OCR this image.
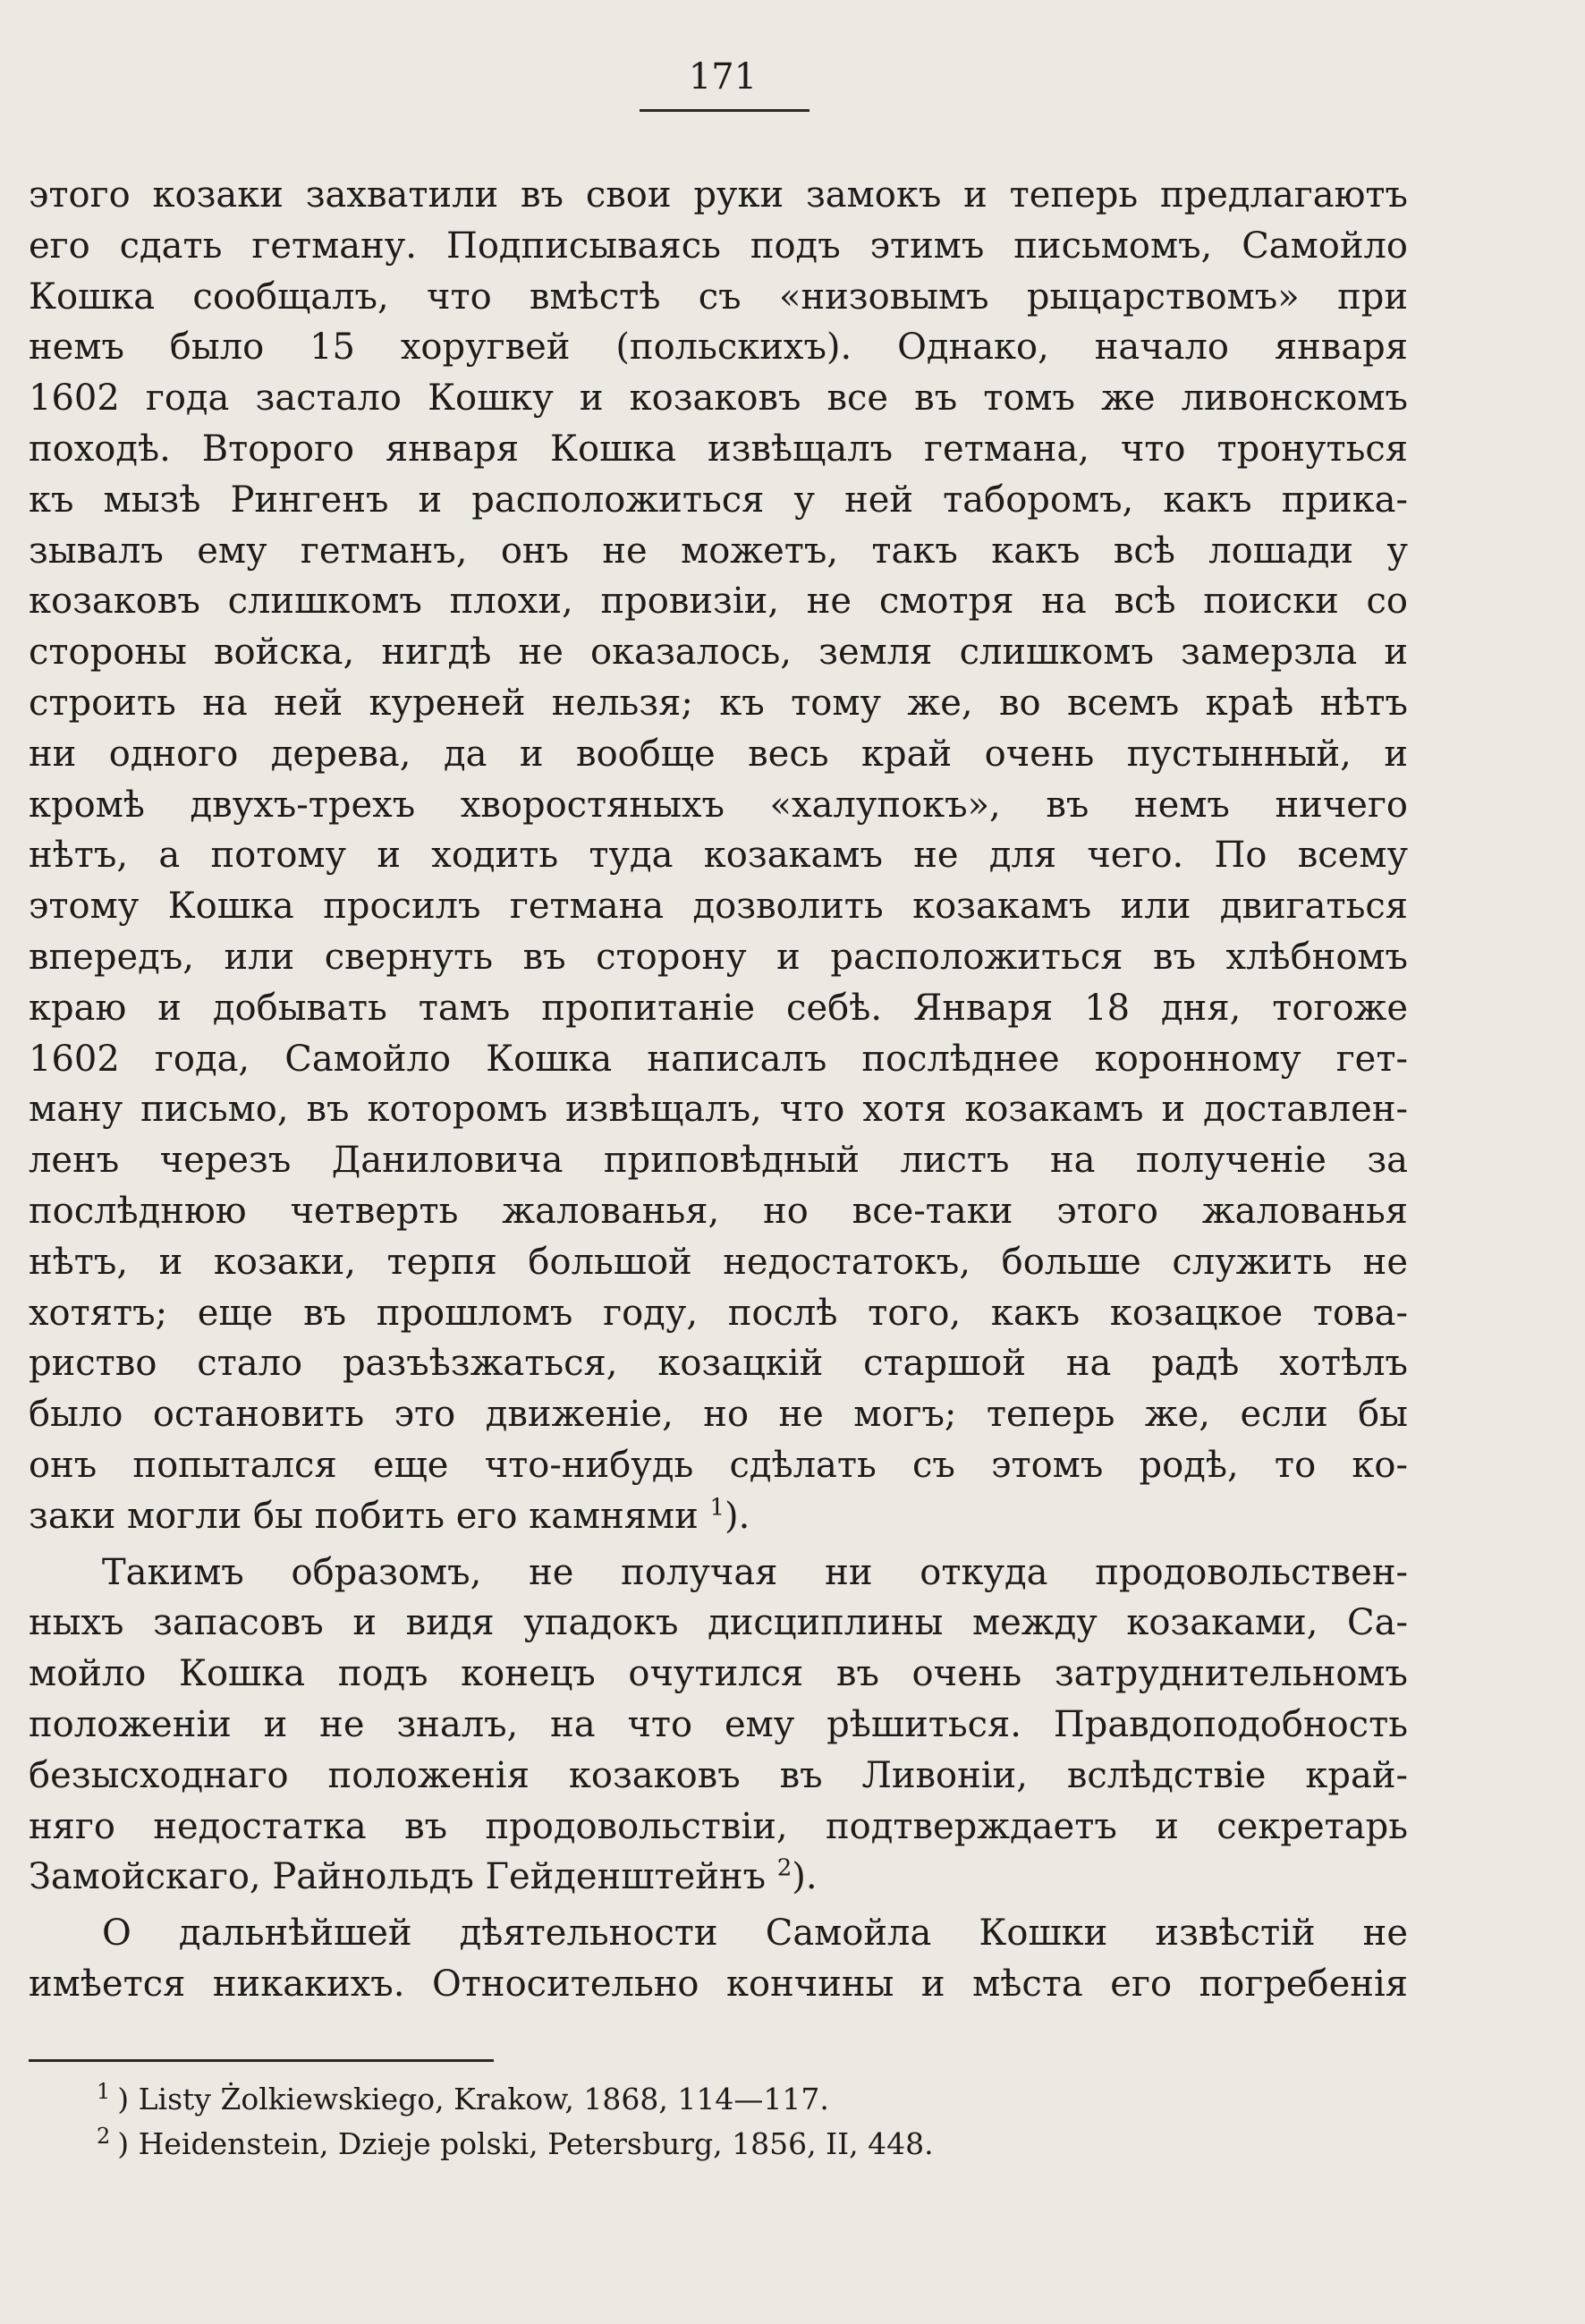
171
этого козаки захватили въ свои руки замокъ и теперь предлагаютъ
его сдать гетману. Подписываясь подъ этимъ письмомъ, Самойло
Кошка сообщалъ, что вмѣстѣ съ «низовымъ рыцарствомъ» при
немъ было 15 хоругвей (польскихъ). Однако, начало января
1602 года застало Кошку и козаковъ все въ томъ же ливонскомъ
походѣ. Второго января Кошка извѣщалъ гетмана, что тронуться
къ мызѣ Рингенъ и расположиться у ней таборомъ, какъ прика-
зывалъ ему гетманъ, онъ не можетъ, такъ какъ всѣ лошади у
козаковъ слишкомъ плохи, провизіи, не смотря на всѣ поиски со
стороны войска, нигдѣ не оказалось, земля слишкомъ замерзла и
строить на ней куреней нельзя; къ тому же, во всемъ краѣ нѣтъ
ни одного дерева, да и вообще весь край очень пустынный, и
кромѣ двухъ-трехъ хворостяныхъ «халупокъ», въ немъ ничего
нѣтъ, а потому и ходить туда козакамъ не для чего. По всему
этому Кошка просилъ гетмана дозволить козакамъ или двигаться
впередъ, или свернуть въ сторону и расположиться въ хлѣбномъ
краю и добывать тамъ пропитаніе себѣ. Января 18 дня, тогоже
1602 года, Самойло Кошка написалъ послѣднее коронному гет-
ману письмо, въ которомъ извѣщалъ, что хотя козакамъ и доставлен-
ленъ черезъ Даниловича приповѣдный листъ на полученіе за
послѣднюю четверть жалованья, но все-таки этого жалованья
нѣтъ, и козаки, терпя большой недостатокъ, больше служить не
хотятъ; еще въ прошломъ году, послѣ того, какъ козацкое това-
риство стало разъѣзжаться, козацкій старшой на радѣ хотѣлъ
было остановить это движеніе, но не могъ; теперь же, если бы
онъ попытался еще что-нибудь сдѣлать съ этомъ родѣ, то ко-
заки могли бы побить его камнями $^1$).
Такимъ образомъ, не получая ни откуда продовольствен-
ныхъ запасовъ и видя упадокъ дисциплины между козаками, Са-
мойло Кошка подъ конецъ очутился въ очень затруднительномъ
положеніи и не зналъ, на что ему рѣшиться. Правдоподобность
безысходнаго положенія козаковъ въ Ливоніи, вслѣдствіе край-
няго недостатка въ продовольствіи, подтверждаетъ и секретарь
Замойскаго, Райнольдъ Гейденштейнъ $^2$).
О дальнѣйшей дѣятельности Самойла Кошки извѣстій не
имѣется никакихъ. Относительно кончины и мѣста его погребенія
$^1$ ) Listy Żolkiewskiego, Krakow, 1868, 114—117.
$^2$ ) Heidenstein, Dzieje polski, Petersburg, 1856, II, 448.
